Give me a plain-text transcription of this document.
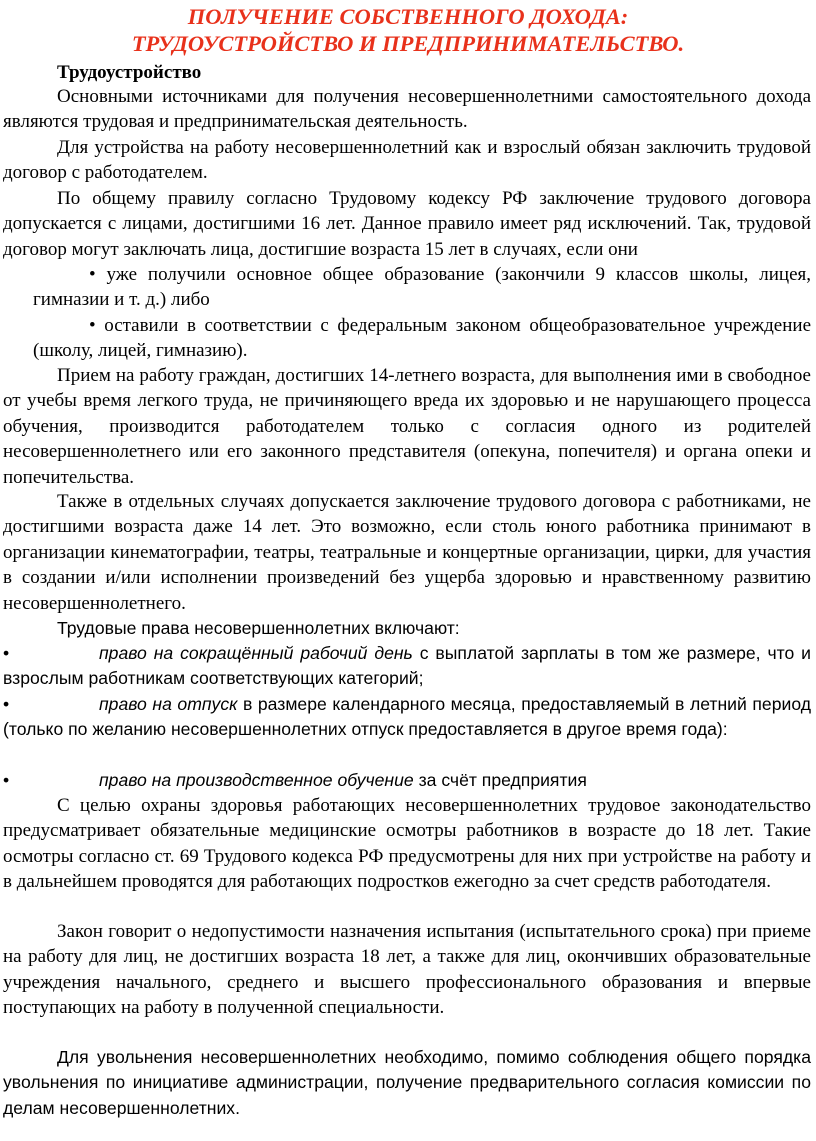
ПОЛУЧЕНИЕ СОБСТВЕННОГО ДОХОДА:
ТРУДОУСТРОЙСТВО И ПРЕДПРИНИМАТЕЛЬСТВО.
Трудоустройство

Основными источниками для получения несовершеннолетними самостоятельного дохода являются трудовая и предпринимательская деятельность.

Для устройства на работу несовершеннолетний как и взрослый обязан заключить трудовой договор с работодателем.

По общему правилу согласно Трудовому кодексу РФ заключение трудового договора допускается с лицами, достигшими 16 лет. Данное правило имеет ряд исключений. Так, трудовой договор могут заключать лица, достигшие возраста 15 лет в случаях, если они

• уже получили основное общее образование (закончили 9 классов школы, лицея, гимназии и т. д.) либо

• оставили в соответствии с федеральным законом общеобразовательное учреждение (школу, лицей, гимназию).

Прием на работу граждан, достигших 14-летнего возраста, для выполнения ими в свободное от учебы время легкого труда, не причиняющего вреда их здоровью и не нарушающего процесса обучения, производится работодателем только с согласия одного из родителей несовершеннолетнего или его законного представителя (опекуна, попечителя) и органа опеки и попечительства.

Также в отдельных случаях допускается заключение трудового договора с работниками, не достигшими возраста даже 14 лет. Это возможно, если столь юного работника принимают в организации кинематографии, театры, театральные и концертные организации, цирки, для участия в создании и/или исполнении произведений без ущерба здоровью и нравственному развитию несовершеннолетнего.

Трудовые права несовершеннолетних включают:

•	право на сокращённый рабочий день с выплатой зарплаты в том же размере, что и взрослым работникам соответствующих категорий;

•	право на отпуск в размере календарного месяца, предоставляемый в летний период (только по желанию несовершеннолетних отпуск предоставляется в другое время года):

•	право на производственное обучение за счёт предприятия

С целью охраны здоровья работающих несовершеннолетних трудовое законодательство предусматривает обязательные медицинские осмотры работников в возрасте до 18 лет. Такие осмотры согласно ст. 69 Трудового кодекса РФ предусмотрены для них при устройстве на работу и в дальнейшем проводятся для работающих подростков ежегодно за счет средств работодателя.

Закон говорит о недопустимости назначения испытания (испытательного срока) при приеме на работу для лиц, не достигших возраста 18 лет, а также для лиц, окончивших образовательные учреждения начального, среднего и высшего профессионального образования и впервые поступающих на работу в полученной специальности.

Для увольнения несовершеннолетних необходимо, помимо соблюдения общего порядка увольнения по инициативе администрации, получение предварительного согласия комиссии по делам несовершеннолетних.
